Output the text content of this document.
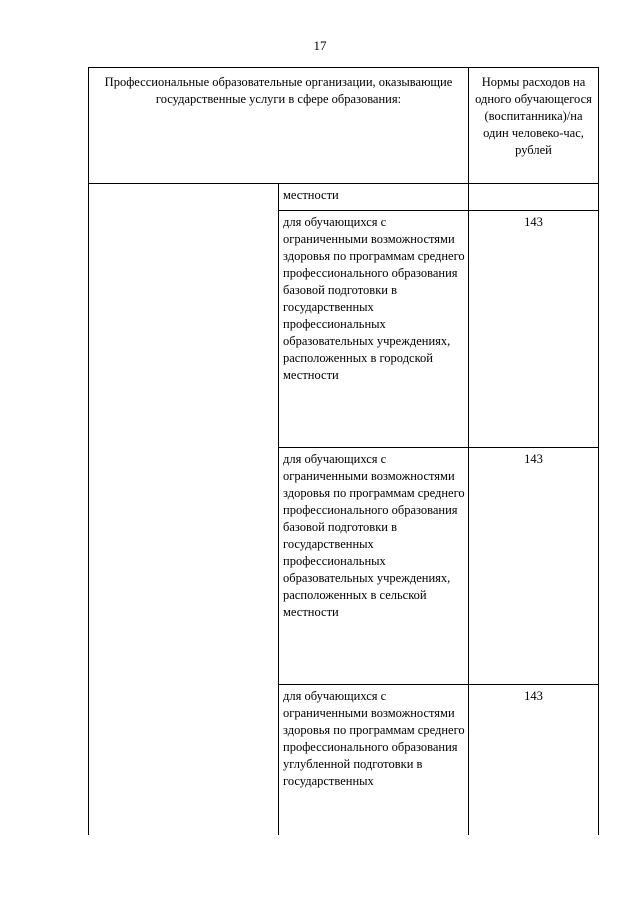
17
Профессиональные образовательные организации, оказывающие государственные услуги в сфере образования:		Нормы расходов на одного обучающегося (воспитанника)/на один человеко-час, рублей
	местности	
	для обучающихся с ограниченными возможностями здоровья по программам среднего профессионального образования базовой подготовки в государственных профессиональных образовательных учреждениях, расположенных в городской местности	143
	для обучающихся с ограниченными возможностями здоровья по программам среднего профессионального образования базовой подготовки в государственных профессиональных образовательных учреждениях, расположенных в сельской местности	143
	для обучающихся с ограниченными возможностями здоровья по программам среднего профессионального образования углубленной подготовки в государственных	143
